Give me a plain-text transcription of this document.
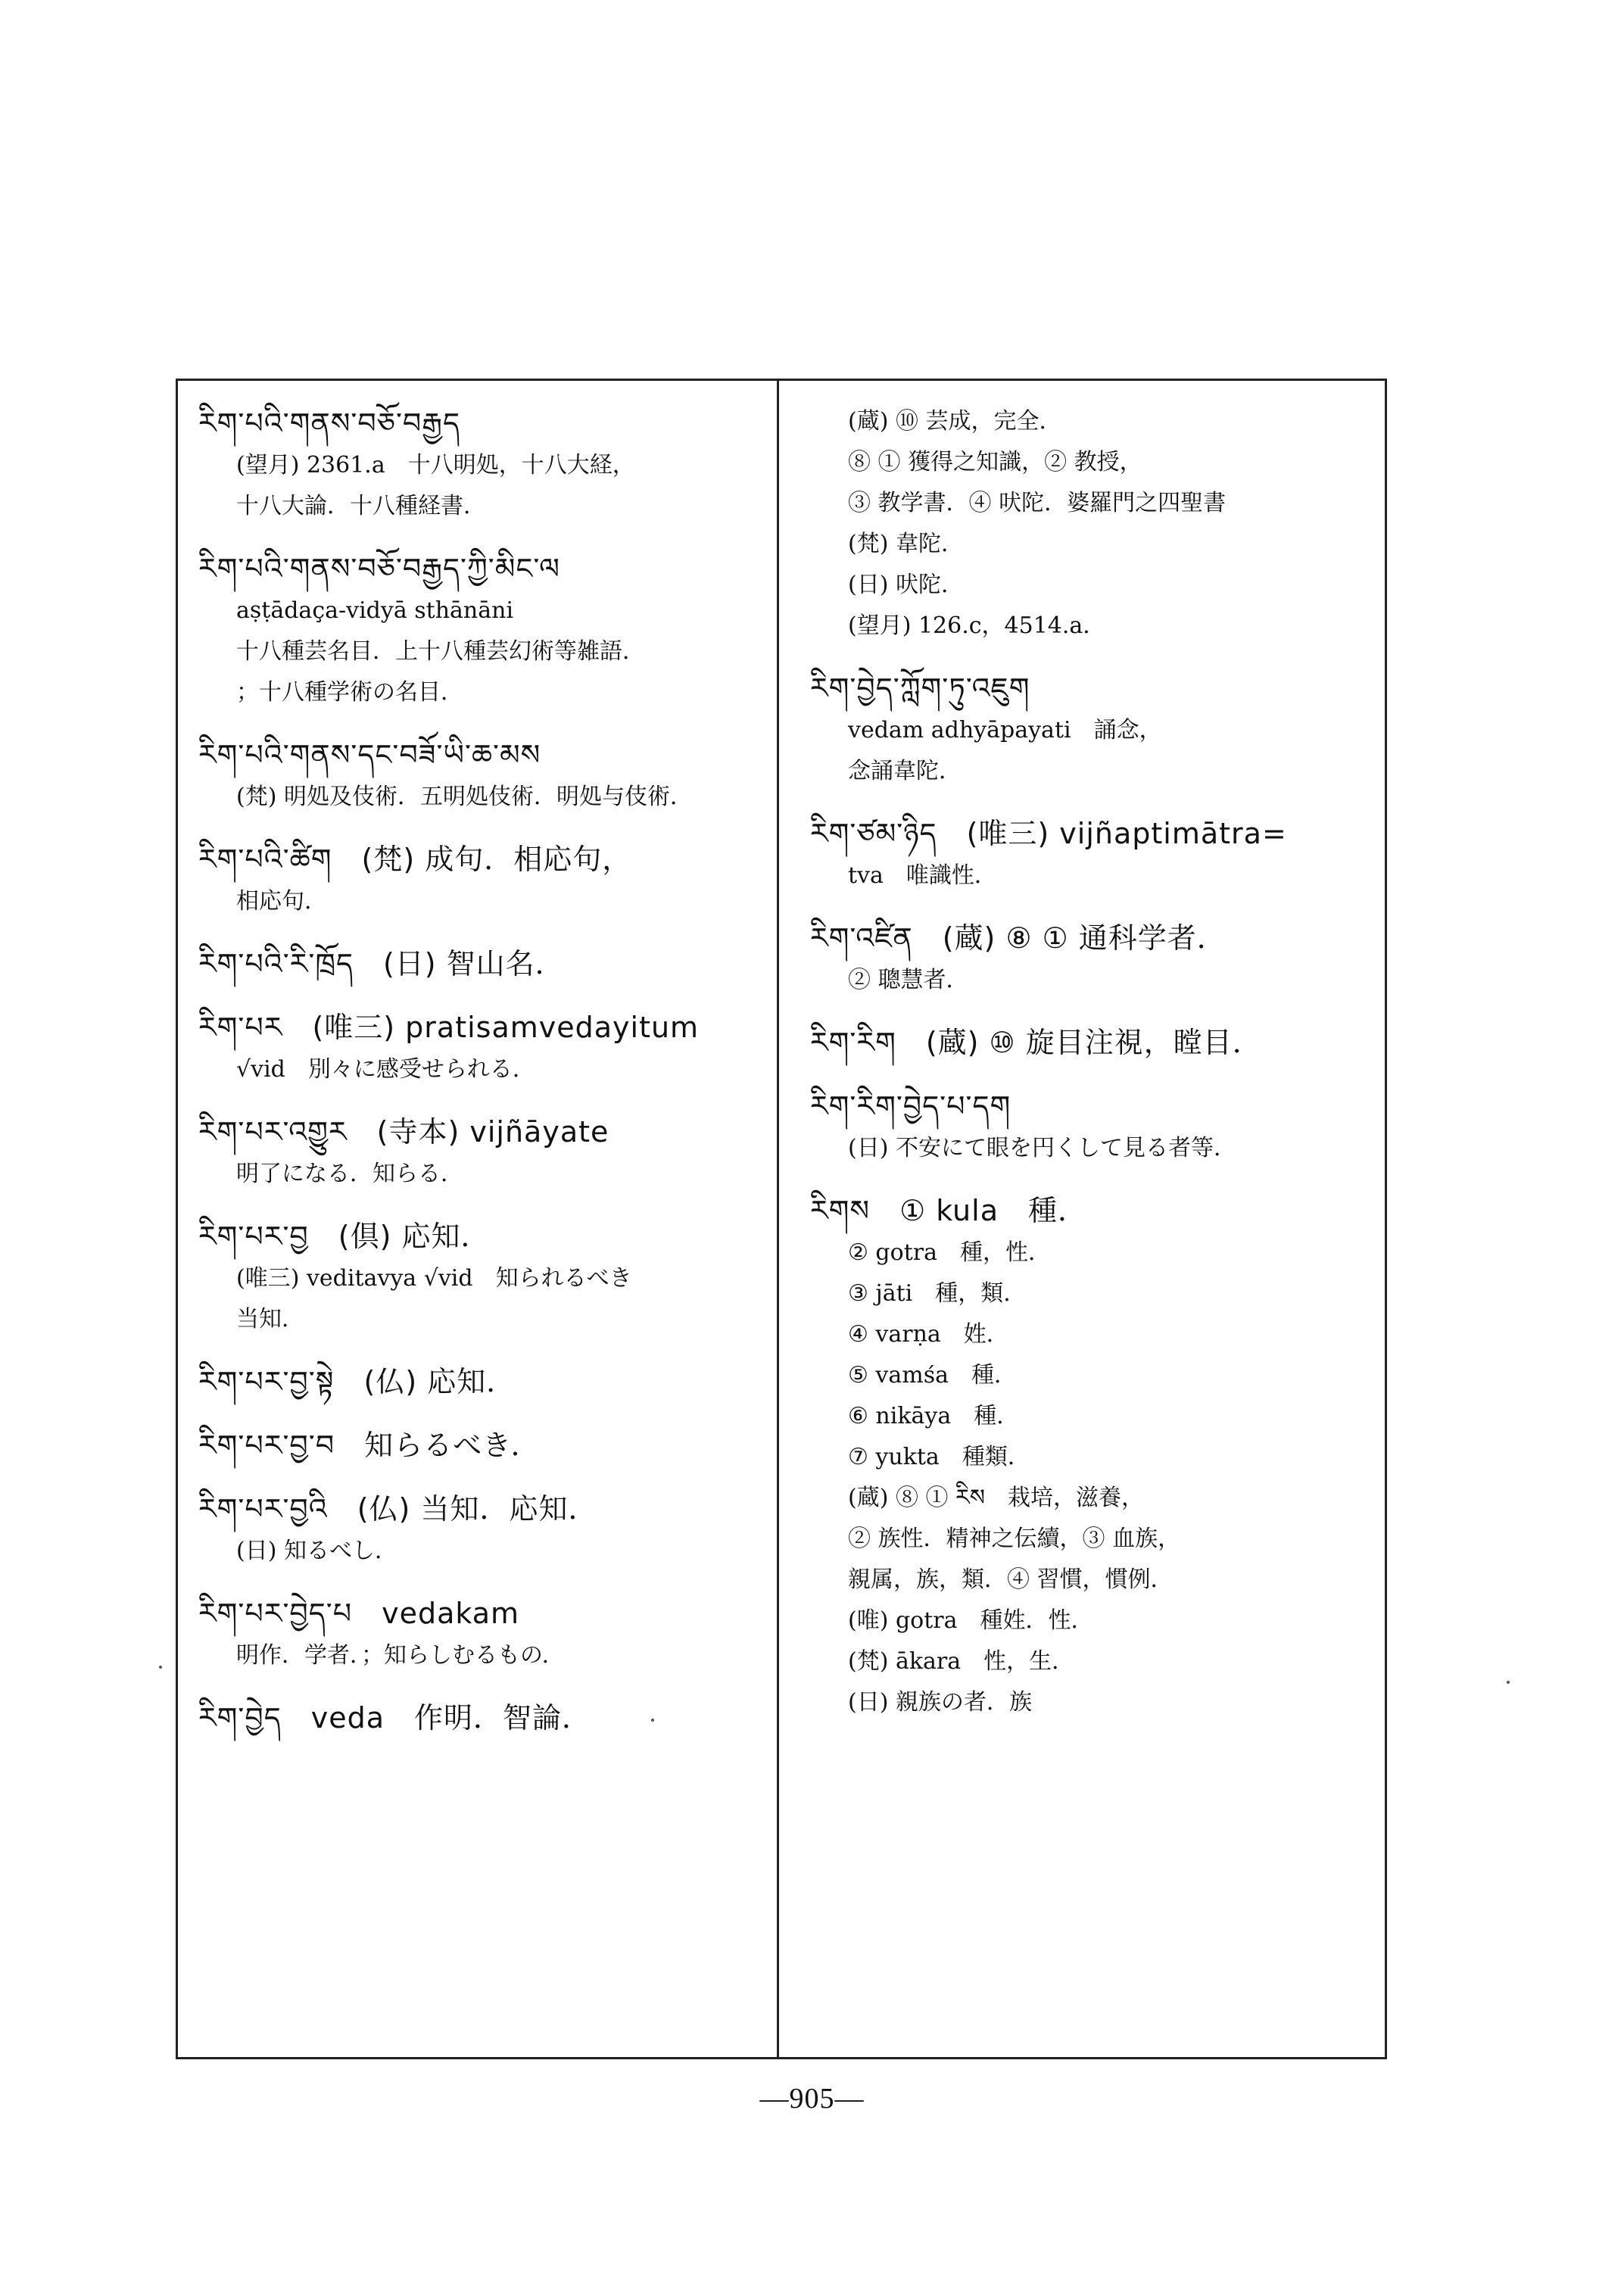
རིག་པའི་གནས་བཅོ་བརྒྱད
(望月) 2361.a　十八明処，十八大経，
十八大論．十八種経書．
རིག་པའི་གནས་བཅོ་བརྒྱད་ཀྱི་མིང་ལ
aṣṭādaça-vidyā sthānāni
十八種芸名目．上十八種芸幻術等雑語．
；十八種学術の名目．
རིག་པའི་གནས་དང་བཟོ་ཡི་ཆ་མས
(梵) 明処及伎術．五明処伎術．明処与伎術．
རིག་པའི་ཚིག　(梵) 成句．相応句，
相応句．
རིག་པའི་རི་ཁྲོད　(日) 智山名．
རིག་པར　(唯三) pratisamvedayitum
√vid　別々に感受せられる．
རིག་པར་འགྱུར　(寺本) vijñāyate
明了になる．知らる．
རིག་པར་བྱ　(倶) 応知．
(唯三) veditavya √vid　知られるべき
当知．
རིག་པར་བྱ་སྟེ　(仏) 応知．
རིག་པར་བྱ་བ　知らるべき．
རིག་པར་བྱའི　(仏) 当知．応知．
(日) 知るべし．
རིག་པར་བྱེད་པ　vedakam
明作．学者．；知らしむるもの．
རིག་བྱེད　veda　作明．智論．
(蔵) ⑩ 芸成，完全．
⑧ ① 獲得之知識，② 教授，
③ 教学書．④ 吠陀．婆羅門之四聖書
(梵) 韋陀．
(日) 吠陀．
(望月) 126.c，4514.a．
རིག་བྱེད་ཀློག་ཏུ་འཇུག
vedam adhyāpayati　誦念，
念誦韋陀．
རིག་ཙམ་ཉིད　(唯三) vijñaptimātra=
tva　唯識性．
རིག་འཛིན　(蔵) ⑧ ① 通科学者．
② 聰慧者．
རིག་རིག　(蔵) ⑩ 旋目注視，瞠目．
རིག་རིག་བྱེད་པ་དག
(日) 不安にて眼を円くして見る者等．
རིགས　① kula　種．
② gotra　種，性．
③ jāti　種，類．
④ varṇa　姓．
⑤ vamśa　種．
⑥ nikāya　種．
⑦ yukta　種類．
(蔵) ⑧ ① རིས　栽培，滋養，
② 族性．精神之伝續，③ 血族，
親属，族，類．④ 習慣，慣例．
(唯) gotra　種姓．性．
(梵) ākara　性，生．
(日) 親族の者．族
—905—
